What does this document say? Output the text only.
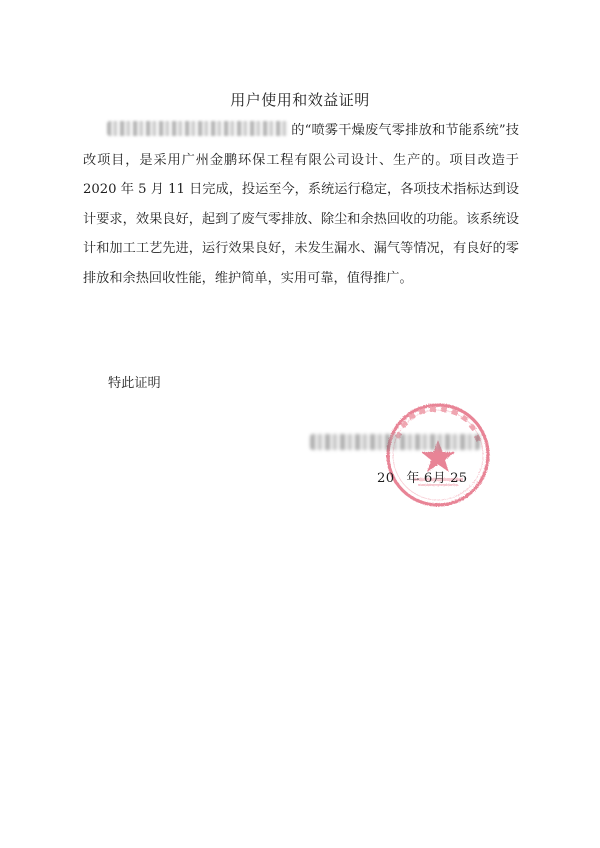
用户使用和效益证明
的“喷雾干燥废气零排放和节能系统”技改项目，是采用广州金鹏环保工程有限公司设计、生产的。项目改造于 2020 年 5 月 11 日完成，投运至今，系统运行稳定，各项技术指标达到设计要求，效果良好，起到了废气零排放、除尘和余热回收的功能。该系统设计和加工工艺先进，运行效果良好，未发生漏水、漏气等情况，有良好的零排放和余热回收性能，维护简单，实用可靠，值得推广。
特此证明
20 年 6月 25
